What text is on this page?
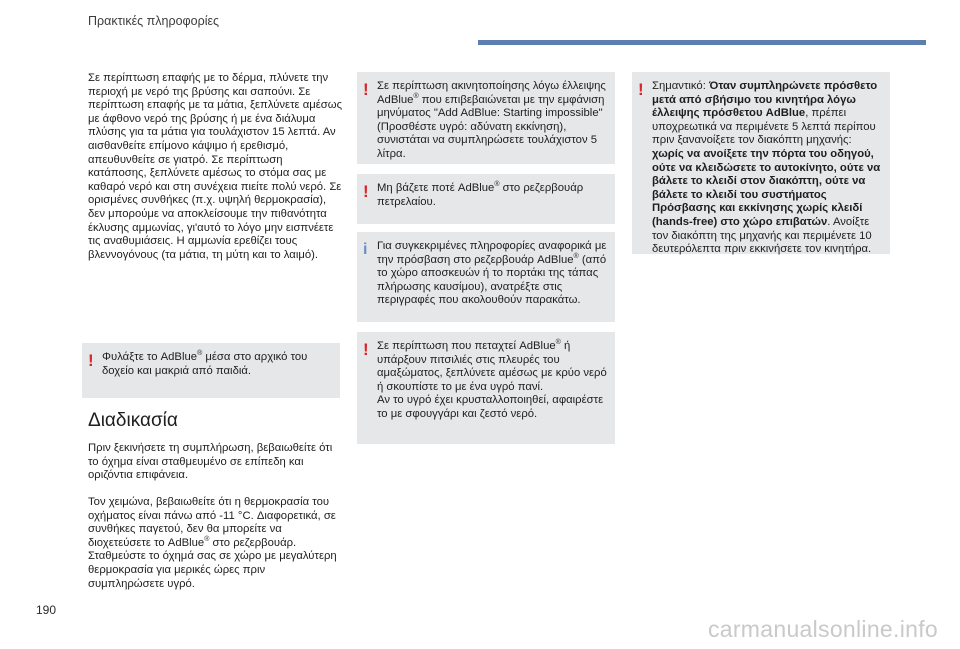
Πρακτικές πληροφορίες

Σε περίπτωση επαφής με το δέρμα, πλύνετε την περιοχή με νερό της βρύσης και σαπούνι. Σε περίπτωση επαφής με τα μάτια, ξεπλύνετε αμέσως με άφθονο νερό της βρύσης ή με ένα διάλυμα πλύσης για τα μάτια για τουλάχιστον 15 λεπτά. Αν αισθανθείτε επίμονο κάψιμο ή ερεθισμό, απευθυνθείτε σε γιατρό. Σε περίπτωση κατάποσης, ξεπλύνετε αμέσως το στόμα σας με καθαρό νερό και στη συνέχεια πιείτε πολύ νερό. Σε ορισμένες συνθήκες (π.χ. υψηλή θερμοκρασία), δεν μπορούμε να αποκλείσουμε την πιθανότητα έκλυσης αμμωνίας, γι'αυτό το λόγο μην εισπνέετε τις αναθυμιάσεις. Η αμμωνία ερεθίζει τους βλεννογόνους (τα μάτια, τη μύτη και το λαιμό).

! Φυλάξτε το AdBlue® μέσα στο αρχικό του δοχείο και μακριά από παιδιά.

Διαδικασία

Πριν ξεκινήσετε τη συμπλήρωση, βεβαιωθείτε ότι το όχημα είναι σταθμευμένο σε επίπεδη και οριζόντια επιφάνεια.

Τον χειμώνα, βεβαιωθείτε ότι η θερμοκρασία του οχήματος είναι πάνω από -11 °C. Διαφορετικά, σε συνθήκες παγετού, δεν θα μπορείτε να διοχετεύσετε το AdBlue® στο ρεζερβουάρ. Σταθμεύστε το όχημά σας σε χώρο με μεγαλύτερη θερμοκρασία για μερικές ώρες πριν συμπληρώσετε υγρό.

! Σε περίπτωση ακινητοποίησης λόγω έλλειψης AdBlue® που επιβεβαιώνεται με την εμφάνιση μηνύματος "Add AdBlue: Starting impossible" (Προσθέστε υγρό: αδύνατη εκκίνηση), συνιστάται να συμπληρώσετε τουλάχιστον 5 λίτρα.

! Μη βάζετε ποτέ AdBlue® στο ρεζερβουάρ πετρελαίου.

i Για συγκεκριμένες πληροφορίες αναφορικά με την πρόσβαση στο ρεζερβουάρ AdBlue® (από το χώρο αποσκευών ή το πορτάκι της τάπας πλήρωσης καυσίμου), ανατρέξτε στις περιγραφές που ακολουθούν παρακάτω.

! Σε περίπτωση που πεταχτεί AdBlue® ή υπάρξουν πιτσιλιές στις πλευρές του αμαξώματος, ξεπλύνετε αμέσως με κρύο νερό ή σκουπίστε το με ένα υγρό πανί.

Αν το υγρό έχει κρυσταλλοποιηθεί, αφαιρέστε το με σφουγγάρι και ζεστό νερό.

! Σημαντικό: Όταν συμπληρώνετε πρόσθετο μετά από σβήσιμο του κινητήρα λόγω έλλειψης πρόσθετου AdBlue, πρέπει υποχρεωτικά να περιμένετε 5 λεπτά περίπου πριν ξανανοίξετε τον διακόπτη μηχανής: χωρίς να ανοίξετε την πόρτα του οδηγού, ούτε να κλειδώσετε το αυτοκίνητο, ούτε να βάλετε το κλειδί στον διακόπτη, ούτε να βάλετε το κλειδί του συστήματος Πρόσβασης και εκκίνησης χωρίς κλειδί (hands-free) στο χώρο επιβατών. Ανοίξτε τον διακόπτη της μηχανής και περιμένετε 10 δευτερόλεπτα πριν εκκινήσετε τον κινητήρα.

190
carmanualsonline.info
